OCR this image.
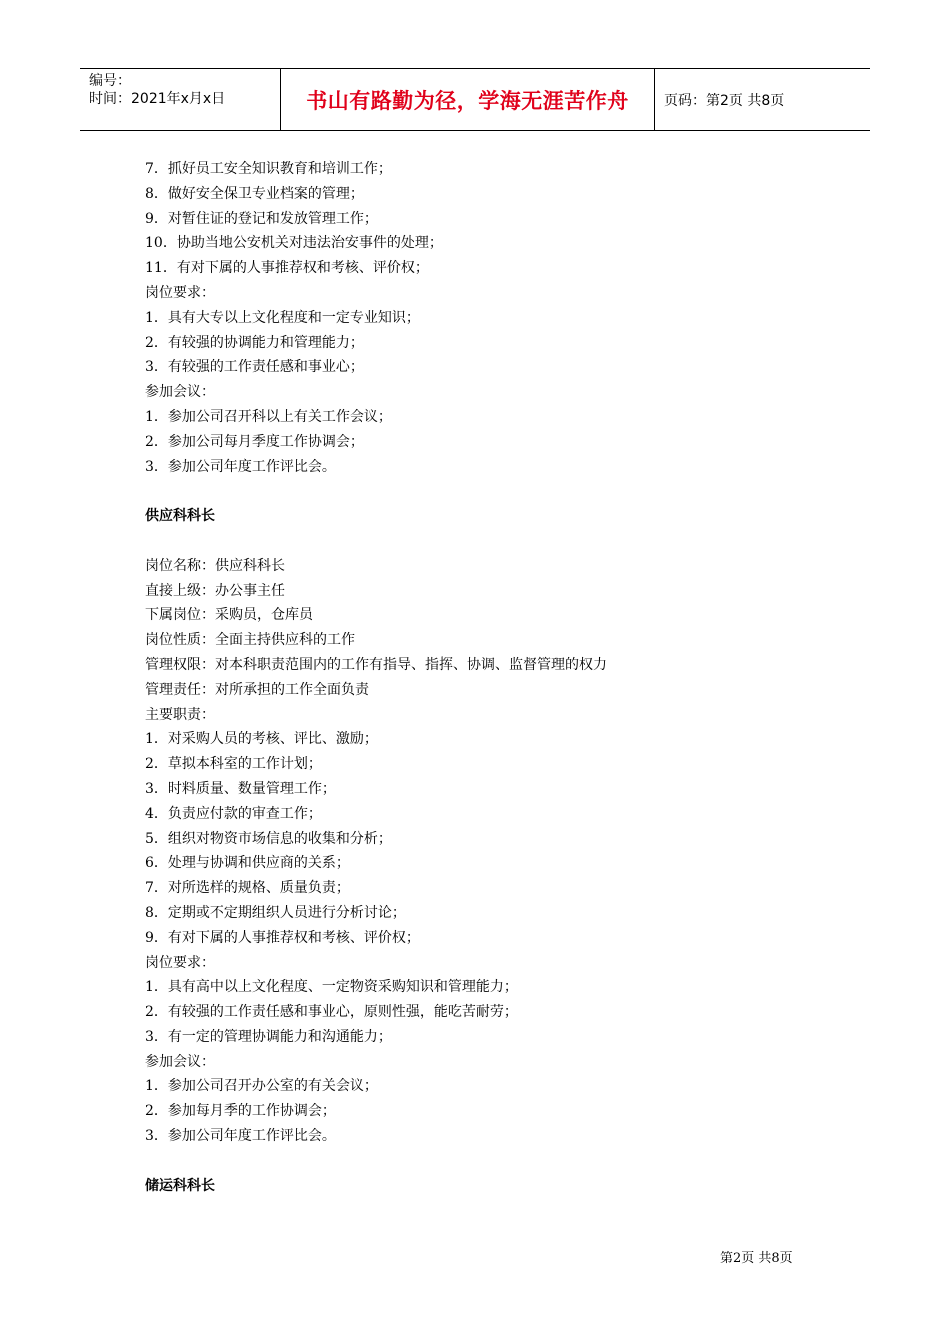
编号：
时间：2021年x月x日	书山有路勤为径，学海无涯苦作舟	页码：第2页 共8页
7．抓好员工安全知识教育和培训工作；
8．做好安全保卫专业档案的管理；
9．对暂住证的登记和发放管理工作；
10．协助当地公安机关对违法治安事件的处理；
11．有对下属的人事推荐权和考核、评价权；
岗位要求：
1．具有大专以上文化程度和一定专业知识；
2．有较强的协调能力和管理能力；
3．有较强的工作责任感和事业心；
参加会议：
1．参加公司召开科以上有关工作会议；
2．参加公司每月季度工作协调会；
3．参加公司年度工作评比会。
供应科科长
岗位名称：供应科科长
直接上级：办公事主任
下属岗位：采购员，仓库员
岗位性质：全面主持供应科的工作
管理权限：对本科职责范围内的工作有指导、指挥、协调、监督管理的权力
管理责任：对所承担的工作全面负责
主要职责：
1．对采购人员的考核、评比、激励；
2．草拟本科室的工作计划；
3．时料质量、数量管理工作；
4．负责应付款的审查工作；
5．组织对物资市场信息的收集和分析；
6．处理与协调和供应商的关系；
7．对所选样的规格、质量负责；
8．定期或不定期组织人员进行分析讨论；
9．有对下属的人事推荐权和考核、评价权；
岗位要求：
1．具有高中以上文化程度、一定物资采购知识和管理能力；
2．有较强的工作责任感和事业心，原则性强，能吃苦耐劳；
3．有一定的管理协调能力和沟通能力；
参加会议：
1．参加公司召开办公室的有关会议；
2．参加每月季的工作协调会；
3．参加公司年度工作评比会。
储运科科长
第2页 共8页
